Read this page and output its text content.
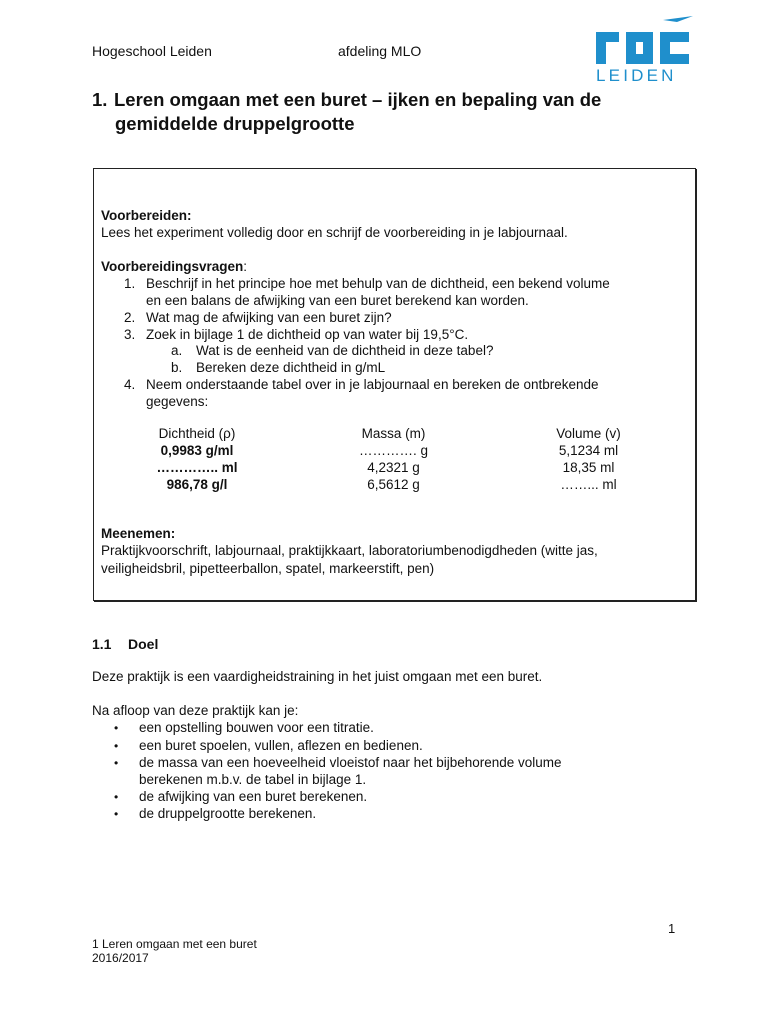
Hogeschool Leiden	afdeling MLO
LEIDEN
1. Leren omgaan met een buret – ijken en bepaling van de
gemiddelde druppelgrootte
Voorbereiden:
Lees het experiment volledig door en schrijf de voorbereiding in je labjournaal.
Voorbereidingsvragen:
1. Beschrijf in het principe hoe met behulp van de dichtheid, een bekend volume
en een balans de afwijking van een buret berekend kan worden.
2. Wat mag de afwijking van een buret zijn?
3. Zoek in bijlage 1 de dichtheid op van water bij 19,5°C.
a. Wat is de eenheid van de dichtheid in deze tabel?
b. Bereken deze dichtheid in g/mL
4. Neem onderstaande tabel over in je labjournaal en bereken de ontbrekende
gegevens:
Dichtheid (ρ)	Massa (m)	Volume (v)
0,9983 g/ml	…………. g	5,1234 ml
………….. ml	4,2321 g	18,35 ml
986,78 g/l	6,5612 g	……... ml
Meenemen:
Praktijkvoorschrift, labjournaal, praktijkkaart, laboratoriumbenodigdheden (witte jas,
veiligheidsbril, pipetteerballon, spatel, markeerstift, pen)
1.1 Doel
Deze praktijk is een vaardigheidstraining in het juist omgaan met een buret.
Na afloop van deze praktijk kan je:
• een opstelling bouwen voor een titratie.
• een buret spoelen, vullen, aflezen en bedienen.
• de massa van een hoeveelheid vloeistof naar het bijbehorende volume
berekenen m.b.v. de tabel in bijlage 1.
• de afwijking van een buret berekenen.
• de druppelgrootte berekenen.
1
1 Leren omgaan met een buret
2016/2017
